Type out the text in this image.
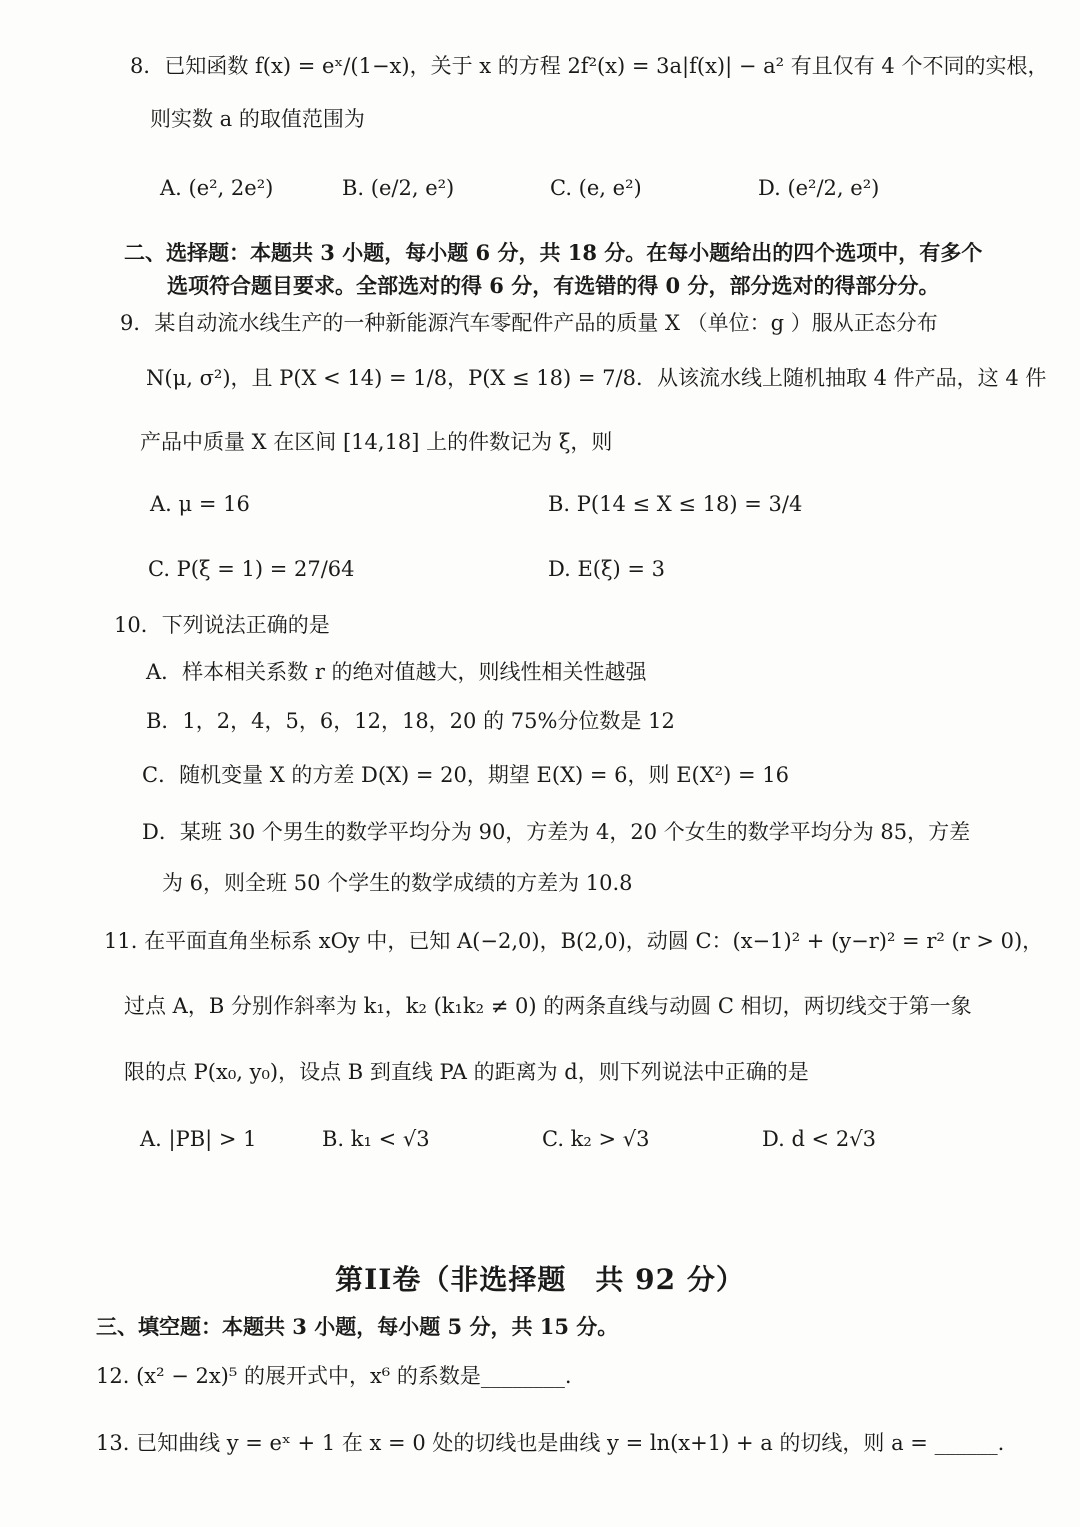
8．已知函数 f(x) = eˣ/(1−x)，关于 x 的方程 2f²(x) = 3a|f(x)| − a² 有且仅有 4 个不同的实根，
则实数 a 的取值范围为
A. (e², 2e²)	B. (e/2, e²)	C. (e, e²)	D. (e²/2, e²)
二、选择题：本题共 3 小题，每小题 6 分，共 18 分。在每小题给出的四个选项中，有多个
选项符合题目要求。全部选对的得 6 分，有选错的得 0 分，部分选对的得部分分。
9．某自动流水线生产的一种新能源汽车零配件产品的质量 X （单位：g ）服从正态分布
N(μ, σ²)，且 P(X < 14) = 1/8，P(X ≤ 18) = 7/8．从该流水线上随机抽取 4 件产品，这 4 件
产品中质量 X 在区间 [14,18] 上的件数记为 ξ，则
A. μ = 16	B. P(14 ≤ X ≤ 18) = 3/4
C. P(ξ = 1) = 27/64	D. E(ξ) = 3
10．下列说法正确的是
A．样本相关系数 r 的绝对值越大，则线性相关性越强
B．1，2，4，5，6，12，18，20 的 75%分位数是 12
C．随机变量 X 的方差 D(X) = 20，期望 E(X) = 6，则 E(X²) = 16
D．某班 30 个男生的数学平均分为 90，方差为 4，20 个女生的数学平均分为 85，方差
为 6，则全班 50 个学生的数学成绩的方差为 10.8
11. 在平面直角坐标系 xOy 中，已知 A(−2,0)，B(2,0)，动圆 C：(x−1)² + (y−r)² = r² (r > 0)，
过点 A，B 分别作斜率为 k₁，k₂ (k₁k₂ ≠ 0) 的两条直线与动圆 C 相切，两切线交于第一象
限的点 P(x₀, y₀)，设点 B 到直线 PA 的距离为 d，则下列说法中正确的是
A. |PB| > 1	B. k₁ < √3	C. k₂ > √3	D. d < 2√3
第II卷（非选择题　共 92 分）
三、填空题：本题共 3 小题，每小题 5 分，共 15 分。
12. (x² − 2x)⁵ 的展开式中，x⁶ 的系数是________.
13. 已知曲线 y = eˣ + 1 在 x = 0 处的切线也是曲线 y = ln(x+1) + a 的切线，则 a = ______.
